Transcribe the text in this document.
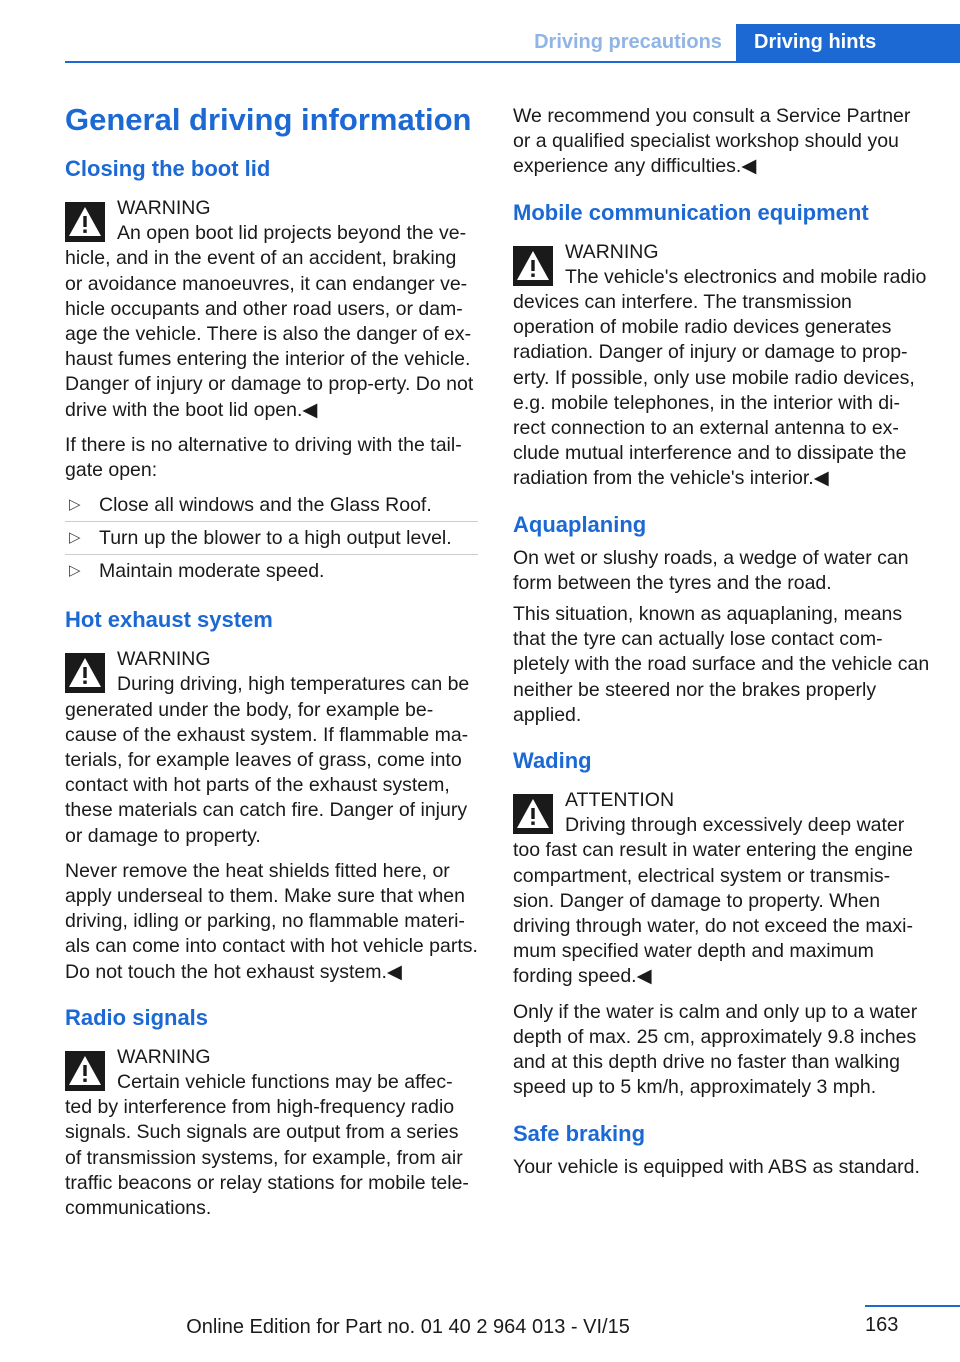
Driving precautions	Driving hints
General driving information
Closing the boot lid
WARNING
An open boot lid projects beyond the ve-hicle, and in the event of an accident, braking or avoidance manoeuvres, it can endanger ve-hicle occupants and other road users, or dam-age the vehicle. There is also the danger of ex-haust fumes entering the interior of the vehicle. Danger of injury or damage to prop-erty. Do not drive with the boot lid open.◀

If there is no alternative to driving with the tail-gate open:

▷ Close all windows and the Glass Roof.
▷ Turn up the blower to a high output level.
▷ Maintain moderate speed.
Hot exhaust system
WARNING
During driving, high temperatures can be generated under the body, for example be-cause of the exhaust system. If flammable ma-terials, for example leaves of grass, come into contact with hot parts of the exhaust system, these materials can catch fire. Danger of injury or damage to property.

Never remove the heat shields fitted here, or apply underseal to them. Make sure that when driving, idling or parking, no flammable materi-als can come into contact with hot vehicle parts. Do not touch the hot exhaust system.◀

Radio signals
WARNING
Certain vehicle functions may be affec-ted by interference from high-frequency radio signals. Such signals are output from a series of transmission systems, for example, from air traffic beacons or relay stations for mobile tele-communications.

We recommend you consult a Service Partner or a qualified specialist workshop should you experience any difficulties.◀

Mobile communication equipment
WARNING
The vehicle's electronics and mobile radio devices can interfere. The transmission operation of mobile radio devices generates radiation. Danger of injury or damage to prop-erty. If possible, only use mobile radio devices, e.g. mobile telephones, in the interior with di-rect connection to an external antenna to ex-clude mutual interference and to dissipate the radiation from the vehicle's interior.◀
Aquaplaning

On wet or slushy roads, a wedge of water can form between the tyres and the road.

This situation, known as aquaplaning, means that the tyre can actually lose contact com-pletely with the road surface and the vehicle can neither be steered nor the brakes properly applied.

Wading
ATTENTION
Driving through excessively deep water too fast can result in water entering the engine compartment, electrical system or transmis-sion. Danger of damage to property. When driving through water, do not exceed the maxi-mum specified water depth and maximum fording speed.◀

Only if the water is calm and only up to a water depth of max. 25 cm, approximately 9.8 inches and at this depth drive no faster than walking speed up to 5 km/h, approximately 3 mph.

Safe braking

Your vehicle is equipped with ABS as standard.

163
Online Edition for Part no. 01 40 2 964 013 - VI/15
